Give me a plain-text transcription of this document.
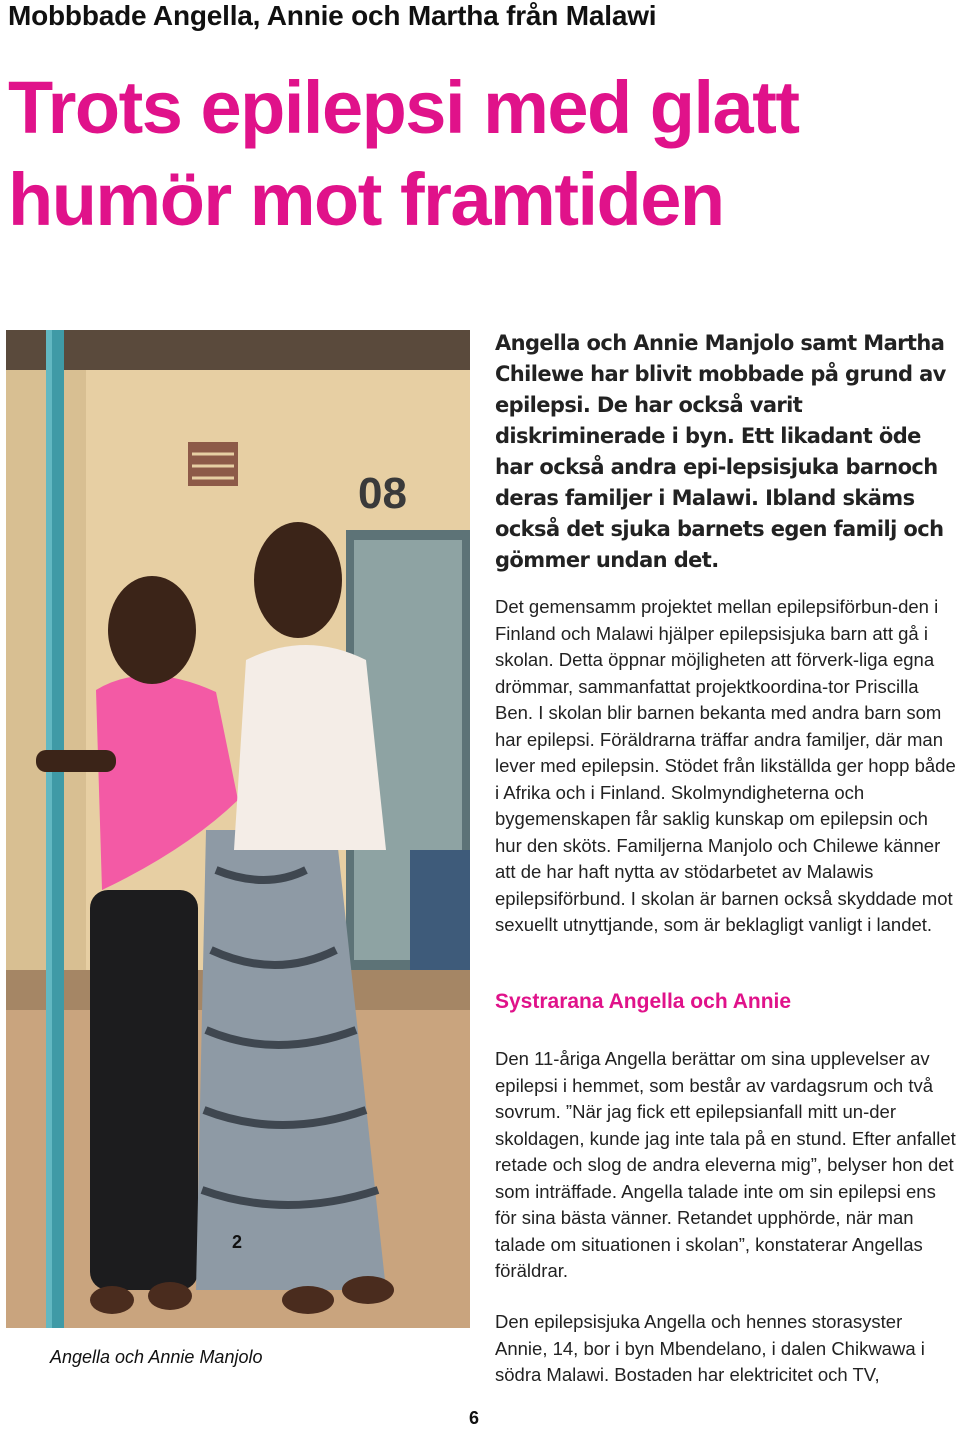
Mobbbade Angella, Annie och Martha från Malawi
Trots epilepsi med glatt humör mot framtiden
08
2
Angella och Annie Manjolo
Angella och Annie Manjolo samt Martha Chilewe har blivit mobbade på grund av epilepsi. De har också varit diskriminerade i byn. Ett likadant öde har också andra epi-lepsisjuka barnoch deras familjer i Malawi. Ibland skäms också det sjuka barnets egen familj och gömmer undan det.
Det gemensamm projektet mellan epilepsiförbun-den i Finland och Malawi hjälper epilepsisjuka barn att gå i skolan. Detta öppnar möjligheten att förverk-liga egna drömmar, sammanfattat projektkoordina-tor Priscilla Ben. I skolan blir barnen bekanta med andra barn som har epilepsi. Föräldrarna träffar andra familjer, där man lever med epilepsin. Stödet från likställda ger hopp både i Afrika och i Finland. Skolmyndigheterna och bygemenskapen får saklig kunskap om epilepsin och hur den sköts. Familjerna Manjolo och Chilewe känner att de har haft nytta av stödarbetet av Malawis epilepsiförbund. I skolan är barnen också skyddade mot sexuellt utnyttjande, som är beklagligt vanligt i landet.
Systrarana Angella och Annie
Den 11-åriga Angella berättar om sina upplevelser av epilepsi i hemmet, som består av vardagsrum och två sovrum. ”När jag fick ett epilepsianfall mitt un-der skoldagen, kunde jag inte tala på en stund. Efter anfallet retade och slog de andra eleverna mig”, belyser hon det som inträffade. Angella talade inte om sin epilepsi ens för sina bästa vänner. Retandet upphörde, när man talade om situationen i skolan”, konstaterar Angellas föräldrar.
Den epilepsisjuka Angella och hennes storasyster Annie, 14, bor i byn Mbendelano, i dalen Chikwawa i södra Malawi. Bostaden har elektricitet och TV,
6
